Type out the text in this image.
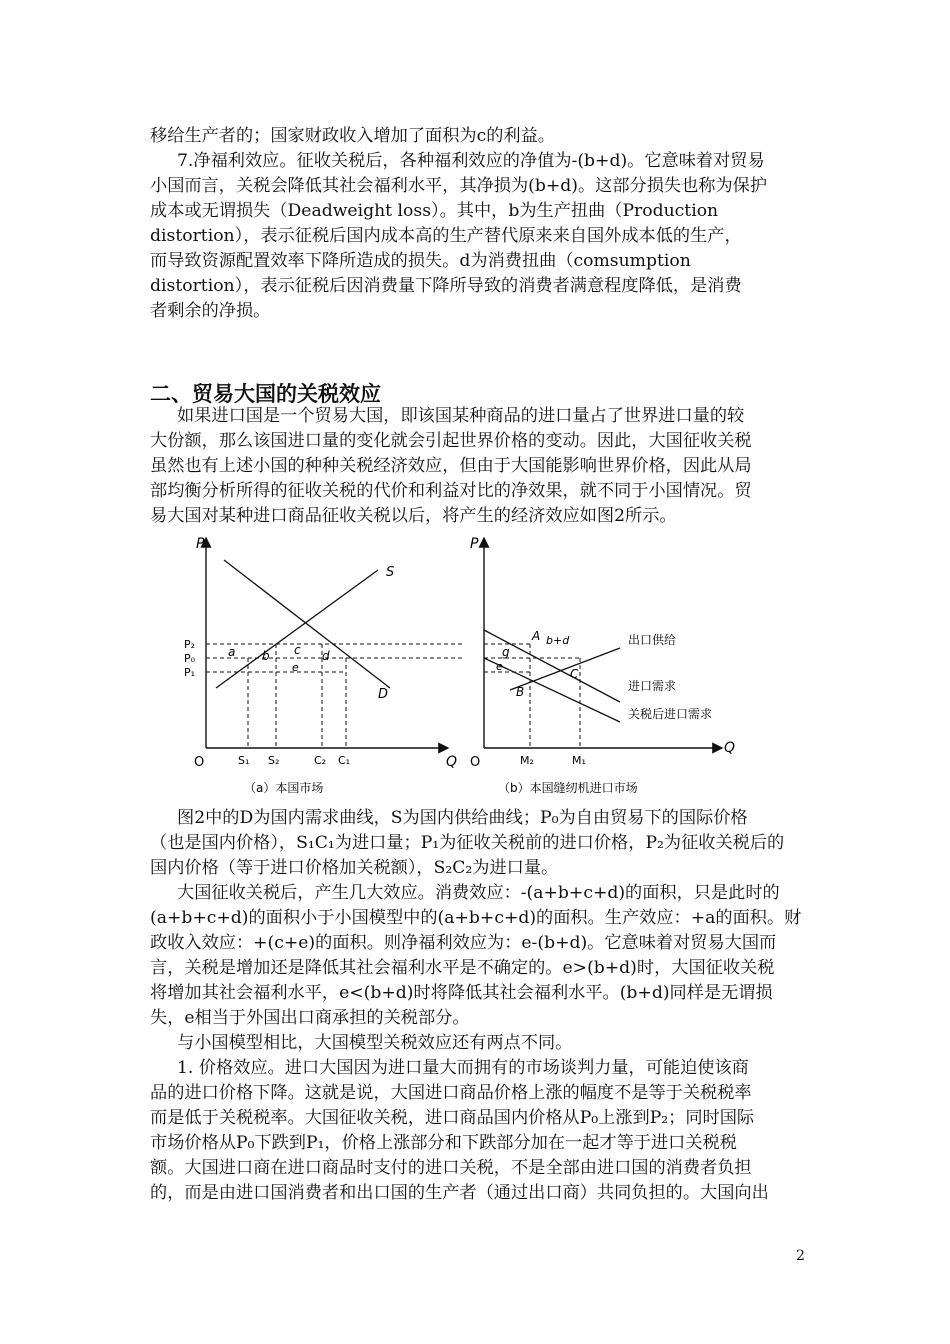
移给生产者的；国家财政收入增加了面积为c的利益。
7.净福利效应。征收关税后，各种福利效应的净值为-(b+d)。它意味着对贸易
小国而言，关税会降低其社会福利水平，其净损为(b+d)。这部分损失也称为保护
成本或无谓损失（Deadweight loss）。其中，b为生产扭曲（Production
distortion），表示征税后国内成本高的生产替代原来来自国外成本低的生产，
而导致资源配置效率下降所造成的损失。d为消费扭曲（comsumption
distortion），表示征税后因消费量下降所导致的消费者满意程度降低，是消费
者剩余的净损。
二、贸易大国的关税效应
如果进口国是一个贸易大国，即该国某种商品的进口量占了世界进口量的较
大份额，那么该国进口量的变化就会引起世界价格的变动。因此，大国征收关税
虽然也有上述小国的种种关税经济效应，但由于大国能影响世界价格，因此从局
部均衡分析所得的征收关税的代价和利益对比的净效果，就不同于小国情况。贸
易大国对某种进口商品征收关税以后，将产生的经济效应如图2所示。
P
Q
O
S
D
P₂
P₀
P₁
S₁ S₂	C₂ C₁
a b c d
e
（a）本国市场
P
Q
O
A
B
C
g
e
b+d	出口供给
进口需求
关税后进口需求
M₂	M₁
（b）本国缝纫机进口市场
图2中的D为国内需求曲线，S为国内供给曲线；P₀为自由贸易下的国际价格
（也是国内价格），S₁C₁为进口量；P₁为征收关税前的进口价格，P₂为征收关税后的
国内价格（等于进口价格加关税额），S₂C₂为进口量。
大国征收关税后，产生几大效应。消费效应：-(a+b+c+d)的面积，只是此时的
(a+b+c+d)的面积小于小国模型中的(a+b+c+d)的面积。生产效应：+a的面积。财
政收入效应：+(c+e)的面积。则净福利效应为：e-(b+d)。它意味着对贸易大国而
言，关税是增加还是降低其社会福利水平是不确定的。e>(b+d)时，大国征收关税
将增加其社会福利水平，e<(b+d)时将降低其社会福利水平。(b+d)同样是无谓损
失，e相当于外国出口商承担的关税部分。
与小国模型相比，大国模型关税效应还有两点不同。
1. 价格效应。进口大国因为进口量大而拥有的市场谈判力量，可能迫使该商
品的进口价格下降。这就是说，大国进口商品价格上涨的幅度不是等于关税税率
而是低于关税税率。大国征收关税，进口商品国内价格从P₀上涨到P₂；同时国际
市场价格从P₀下跌到P₁，价格上涨部分和下跌部分加在一起才等于进口关税税
额。大国进口商在进口商品时支付的进口关税，不是全部由进口国的消费者负担
的，而是由进口国消费者和出口国的生产者（通过出口商）共同负担的。大国向出
2
